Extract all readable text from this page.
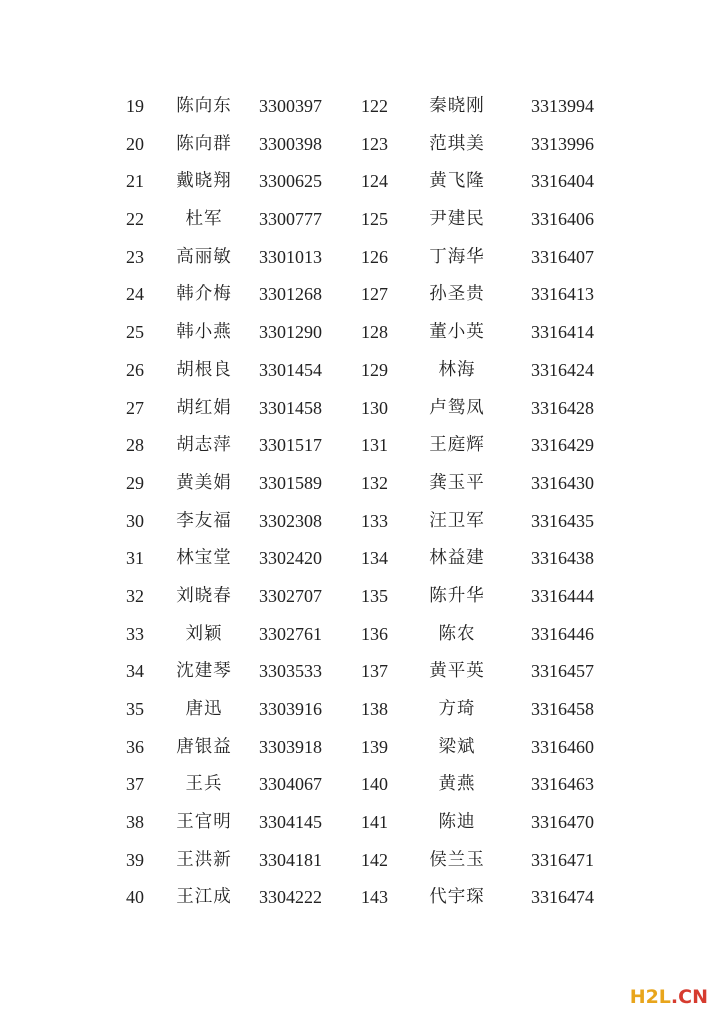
19	陈向东	3300397 122	秦晓刚	3313994
20	陈向群	3300398 123	范琪美	3313996
21	戴晓翔	3300625 124	黄飞隆	3316404
22	杜军	3300777 125	尹建民	3316406
23	高丽敏	3301013 126	丁海华	3316407
24	韩介梅	3301268 127	孙圣贵	3316413
25	韩小燕	3301290 128	董小英	3316414
26	胡根良	3301454 129	林海	3316424
27	胡红娟	3301458 130	卢鸳凤	3316428
28	胡志萍	3301517 131	王庭辉	3316429
29	黄美娟	3301589 132	龚玉平	3316430
30	李友福	3302308 133	汪卫军	3316435
31	林宝堂	3302420 134	林益建	3316438
32	刘晓春	3302707 135	陈升华	3316444
33	刘颖	3302761 136	陈农	3316446
34	沈建琴	3303533 137	黄平英	3316457
35	唐迅	3303916 138	方琦	3316458
36	唐银益	3303918 139	梁斌	3316460
37	王兵	3304067 140	黄燕	3316463
38	王官明	3304145 141	陈迪	3316470
39	王洪新	3304181 142	侯兰玉	3316471
40	王江成	3304222 143	代宇琛	3316474
H2L.CN
